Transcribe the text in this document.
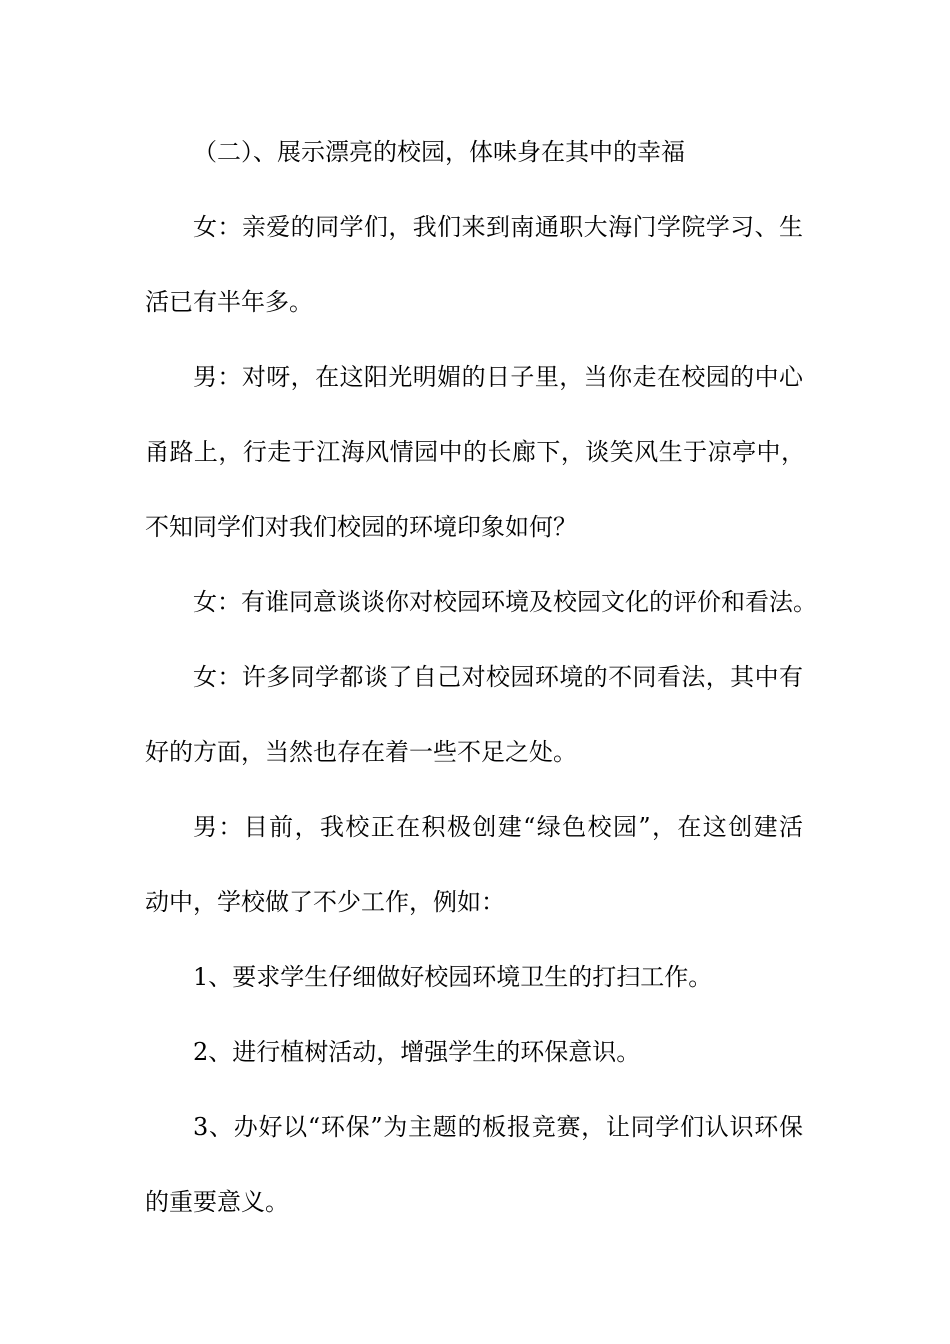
（二）、展示漂亮的校园，体味身在其中的幸福
女：亲爱的同学们，我们来到南通职大海门学院学习、生
活已有半年多。
男：对呀，在这阳光明媚的日子里，当你走在校园的中心
甬路上，行走于江海风情园中的长廊下，谈笑风生于凉亭中，
不知同学们对我们校园的环境印象如何？
女：有谁同意谈谈你对校园环境及校园文化的评价和看法。
女：许多同学都谈了自己对校园环境的不同看法，其中有
好的方面，当然也存在着一些不足之处。
男：目前，我校正在积极创建“绿色校园”，在这创建活
动中，学校做了不少工作，例如：
1、要求学生仔细做好校园环境卫生的打扫工作。
2、进行植树活动，增强学生的环保意识。
3、办好以“环保”为主题的板报竞赛，让同学们认识环保
的重要意义。
